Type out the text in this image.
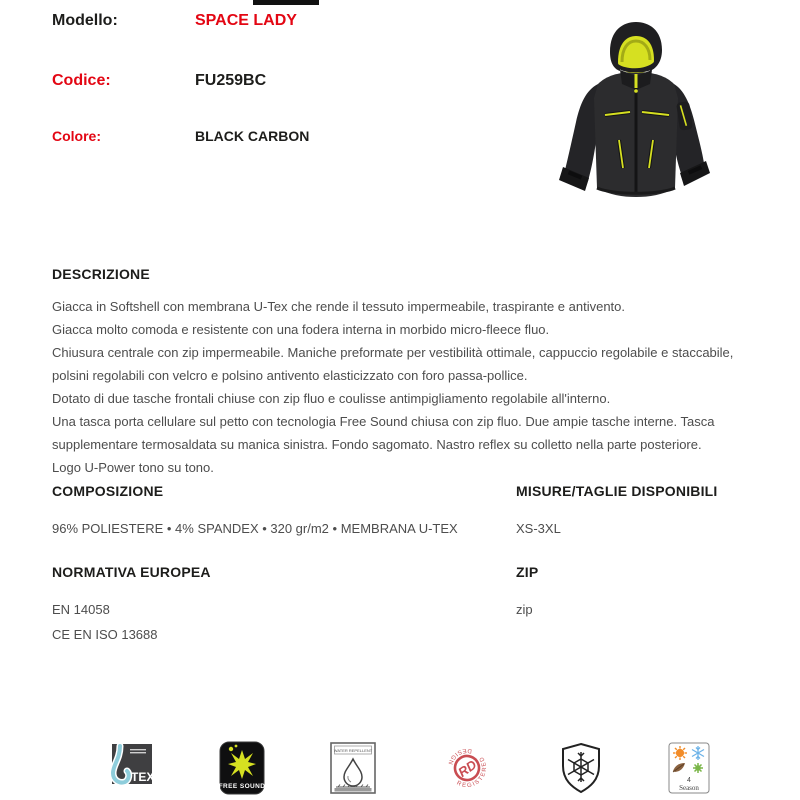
Modello:	SPACE LADY
Codice:	FU259BC
Colore:	BLACK CARBON
DESCRIZIONE

Giacca in Softshell con membrana U-Tex che rende il tessuto impermeabile, traspirante e antivento.

Giacca molto comoda e resistente con una fodera interna in morbido micro-fleece fluo.

Chiusura centrale con zip impermeabile. Maniche preformate per vestibilità ottimale, cappuccio regolabile e staccabile, polsini regolabili con velcro e polsino antivento elasticizzato con foro passa-pollice.

Dotato di due tasche frontali chiuse con zip fluo e coulisse antimpigliamento regolabile all'interno.

Una tasca porta cellulare sul petto con tecnologia Free Sound chiusa con zip fluo. Due ampie tasche interne. Tasca supplementare termosaldata su manica sinistra. Fondo sagomato. Nastro reflex su colletto nella parte posteriore.

Logo U-Power tono su tono.

COMPOSIZIONE
96% POLIESTERE • 4% SPANDEX • 320 gr/m2 • MEMBRANA U-TEX
MISURE/TAGLIE DISPONIBILI
XS-3XL
NORMATIVA EUROPEA
EN 14058
CE EN ISO 13688
ZIP
zip
TEX
FREE SOUND
WATER REPELLENT
RD
REGISTERED
DESIGN
4
Season
